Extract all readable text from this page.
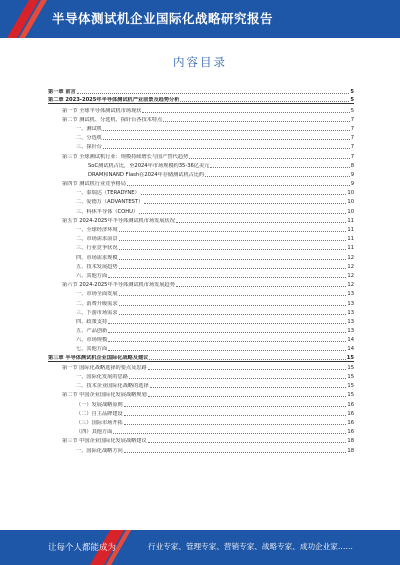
半导体测试机企业国际化战略研究报告
内容目录
第一章 前言	5
第二章 2023-2025年半导体测试机产业前景及趋势分析	5
第一节 全球半导体测试机市场现状	5
第二节 测试机、分选机、探针台各技术特点	7
一、测试机	7
二、分选机	7
三、探针台	7
第三节 全球测试机行业：规模持续增长与国产替代趋势	7
SoC测试机占比，至2024年市场规模约35-36亿美元	8
DRAM和NAND Flash在2024年存储测试机占比约	9
第四节 测试机行业竞争格局	9
一、泰瑞达（TERADYNE）	10
二、爱德万（ADVANTEST）	10
三、科休半导体（COHU）	10
第五节 2024-2025年半导体测试机市场发展状况	11
一、全球经济环境	11
二、市场需求前景	11
三、行业竞争状况	11
四、市场需求规模	12
五、技术发展趋势	12
六、其他方面	12
第六节 2024-2025年半导体测试机市场发展趋势	12
一、市场全面发展	13
二、消费升级需求	13
三、下游市场需求	13
四、政策支持	13
五、产品创新	13
六、市场规模	14
七、其他方面	14
第三章 半导体测试机企业国际化战略及建议	15
第一节 国际化战略选择的要点及思路	15
一、国际化发展的思路	15
二、技术企业国际化战略的选择	15
第二节 中国企业国际化发展战略规划	15
（一）发展战略原则	16
（二）自主品牌建设	16
（三）国际市场开拓	16
（四）其他方面	16
第三节 中国企业国际化发展战略建议	18
一、国际化战略方向	18
让每个人都能成为	行业专家、管理专家、营销专家、战略专家、成功企业家……
